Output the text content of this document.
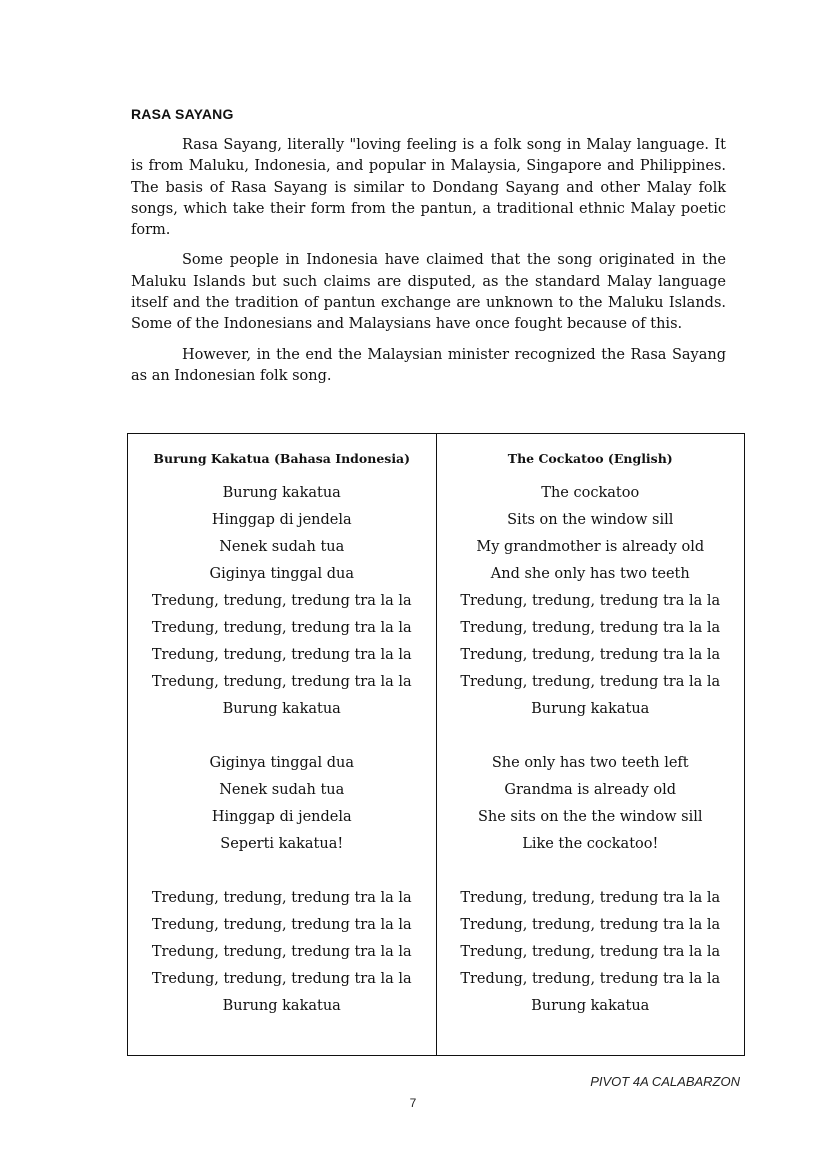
RASA SAYANG

Rasa Sayang, literally "loving feeling is a folk song in Malay language. It is from Maluku, Indonesia, and popular in Malaysia, Singapore and Philippines. The basis of Rasa Sayang is similar to Dondang Sayang and other Malay folk songs, which take their form from the pantun, a traditional ethnic Malay poetic form.

Some people in Indonesia have claimed that the song originated in the Maluku Islands but such claims are disputed, as the standard Malay language itself and the tradition of pantun exchange are unknown to the Maluku Islands. Some of the Indonesians and Malaysians have once fought because of this.

However, in the end the Malaysian minister recognized the Rasa Sayang as an Indonesian folk song.

Burung Kakatua (Bahasa Indonesia)
Burung kakatua
Hinggap di jendela
Nenek sudah tua
Giginya tinggal dua
Tredung, tredung, tredung tra la la
Tredung, tredung, tredung tra la la
Tredung, tredung, tredung tra la la
Tredung, tredung, tredung tra la la
Burung kakatua
Giginya tinggal dua
Nenek sudah tua
Hinggap di jendela
Seperti kakatua!
Tredung, tredung, tredung tra la la
Tredung, tredung, tredung tra la la
Tredung, tredung, tredung tra la la
Tredung, tredung, tredung tra la la
Burung kakatua
The Cockatoo (English)
The cockatoo
Sits on the window sill
My grandmother is already old
And she only has two teeth
Tredung, tredung, tredung tra la la
Tredung, tredung, tredung tra la la
Tredung, tredung, tredung tra la la
Tredung, tredung, tredung tra la la
Burung kakatua
She only has two teeth left
Grandma is already old
She sits on the the window sill
Like the cockatoo!
Tredung, tredung, tredung tra la la
Tredung, tredung, tredung tra la la
Tredung, tredung, tredung tra la la
Tredung, tredung, tredung tra la la
Burung kakatua
PIVOT 4A CALABARZON
7
